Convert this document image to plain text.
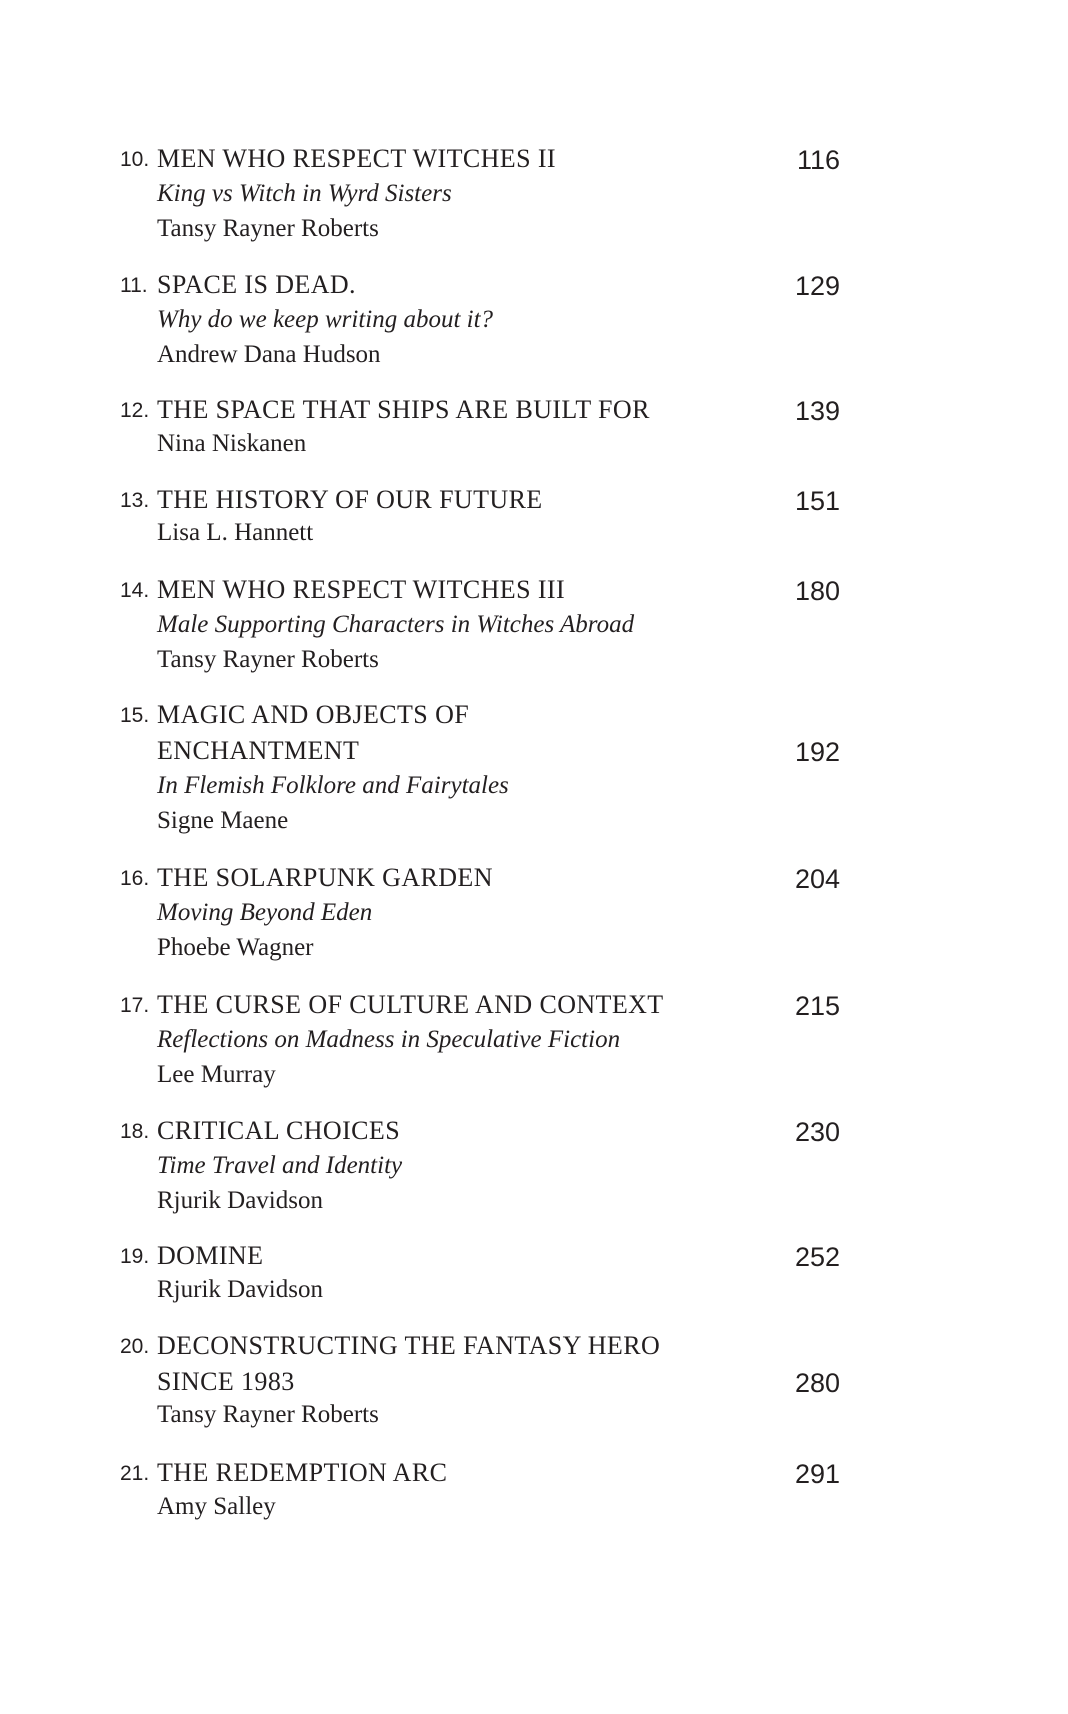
10. MEN WHO RESPECT WITCHES II
King vs Witch in Wyrd Sisters
Tansy Rayner Roberts
116
11. SPACE IS DEAD.
Why do we keep writing about it?
Andrew Dana Hudson
129
12. THE SPACE THAT SHIPS ARE BUILT FOR
Nina Niskanen
139
13. THE HISTORY OF OUR FUTURE
Lisa L. Hannett
151
14. MEN WHO RESPECT WITCHES III
Male Supporting Characters in Witches Abroad
Tansy Rayner Roberts
180
15. MAGIC AND OBJECTS OF
ENCHANTMENT
In Flemish Folklore and Fairytales
Signe Maene
192
16. THE SOLARPUNK GARDEN
Moving Beyond Eden
Phoebe Wagner
204
17. THE CURSE OF CULTURE AND CONTEXT
Reflections on Madness in Speculative Fiction
Lee Murray
215
18. CRITICAL CHOICES
Time Travel and Identity
Rjurik Davidson
230
19. DOMINE
Rjurik Davidson
252
20. DECONSTRUCTING THE FANTASY HERO
SINCE 1983
Tansy Rayner Roberts
280
21. THE REDEMPTION ARC
Amy Salley
291
